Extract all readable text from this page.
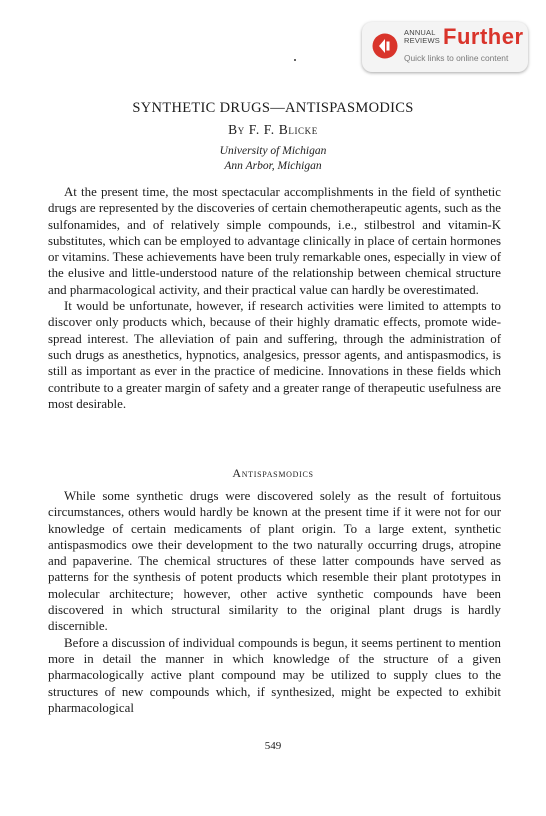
ANNUAL
REVIEWS Further
Quick links to online content
SYNTHETIC DRUGS—ANTISPASMODICS
By F. F. Blicke
University of Michigan
Ann Arbor, Michigan

At the present time, the most spectacular accomplishments in the field of synthetic drugs are represented by the discoveries of certain chemotherapeutic agents, such as the sulfonamides, and of relatively simple compounds, i.e., stilbestrol and vitamin-K substitutes, which can be employed to advantage clinically in place of certain hormones or vitamins. These achievements have been truly remarkable ones, especially in view of the elusive and little-understood nature of the relationship between chemical structure and pharmacological activity, and their practical value can hardly be overestimated.

It would be unfortunate, however, if research activities were limited to attempts to discover only products which, because of their highly dramatic effects, promote wide-spread interest. The alleviation of pain and suffering, through the administration of such drugs as anesthetics, hypnotics, analgesics, pressor agents, and antispasmodics, is still as important as ever in the practice of medicine. Innovations in these fields which contribute to a greater margin of safety and a greater range of therapeutic usefulness are most desirable.

Antispasmodics

While some synthetic drugs were discovered solely as the result of fortuitous circumstances, others would hardly be known at the present time if it were not for our knowledge of certain medicaments of plant origin. To a large extent, synthetic antispasmodics owe their development to the two naturally occurring drugs, atropine and papaverine. The chemical structures of these latter compounds have served as patterns for the synthesis of potent products which resemble their plant prototypes in molecular architecture; however, other active synthetic compounds have been discovered in which structural similarity to the original plant drugs is hardly discernible.

Before a discussion of individual compounds is begun, it seems pertinent to mention more in detail the manner in which knowledge of the structure of a given pharmacologically active plant compound may be utilized to supply clues to the structures of new compounds which, if synthesized, might be expected to exhibit pharmacological

549
